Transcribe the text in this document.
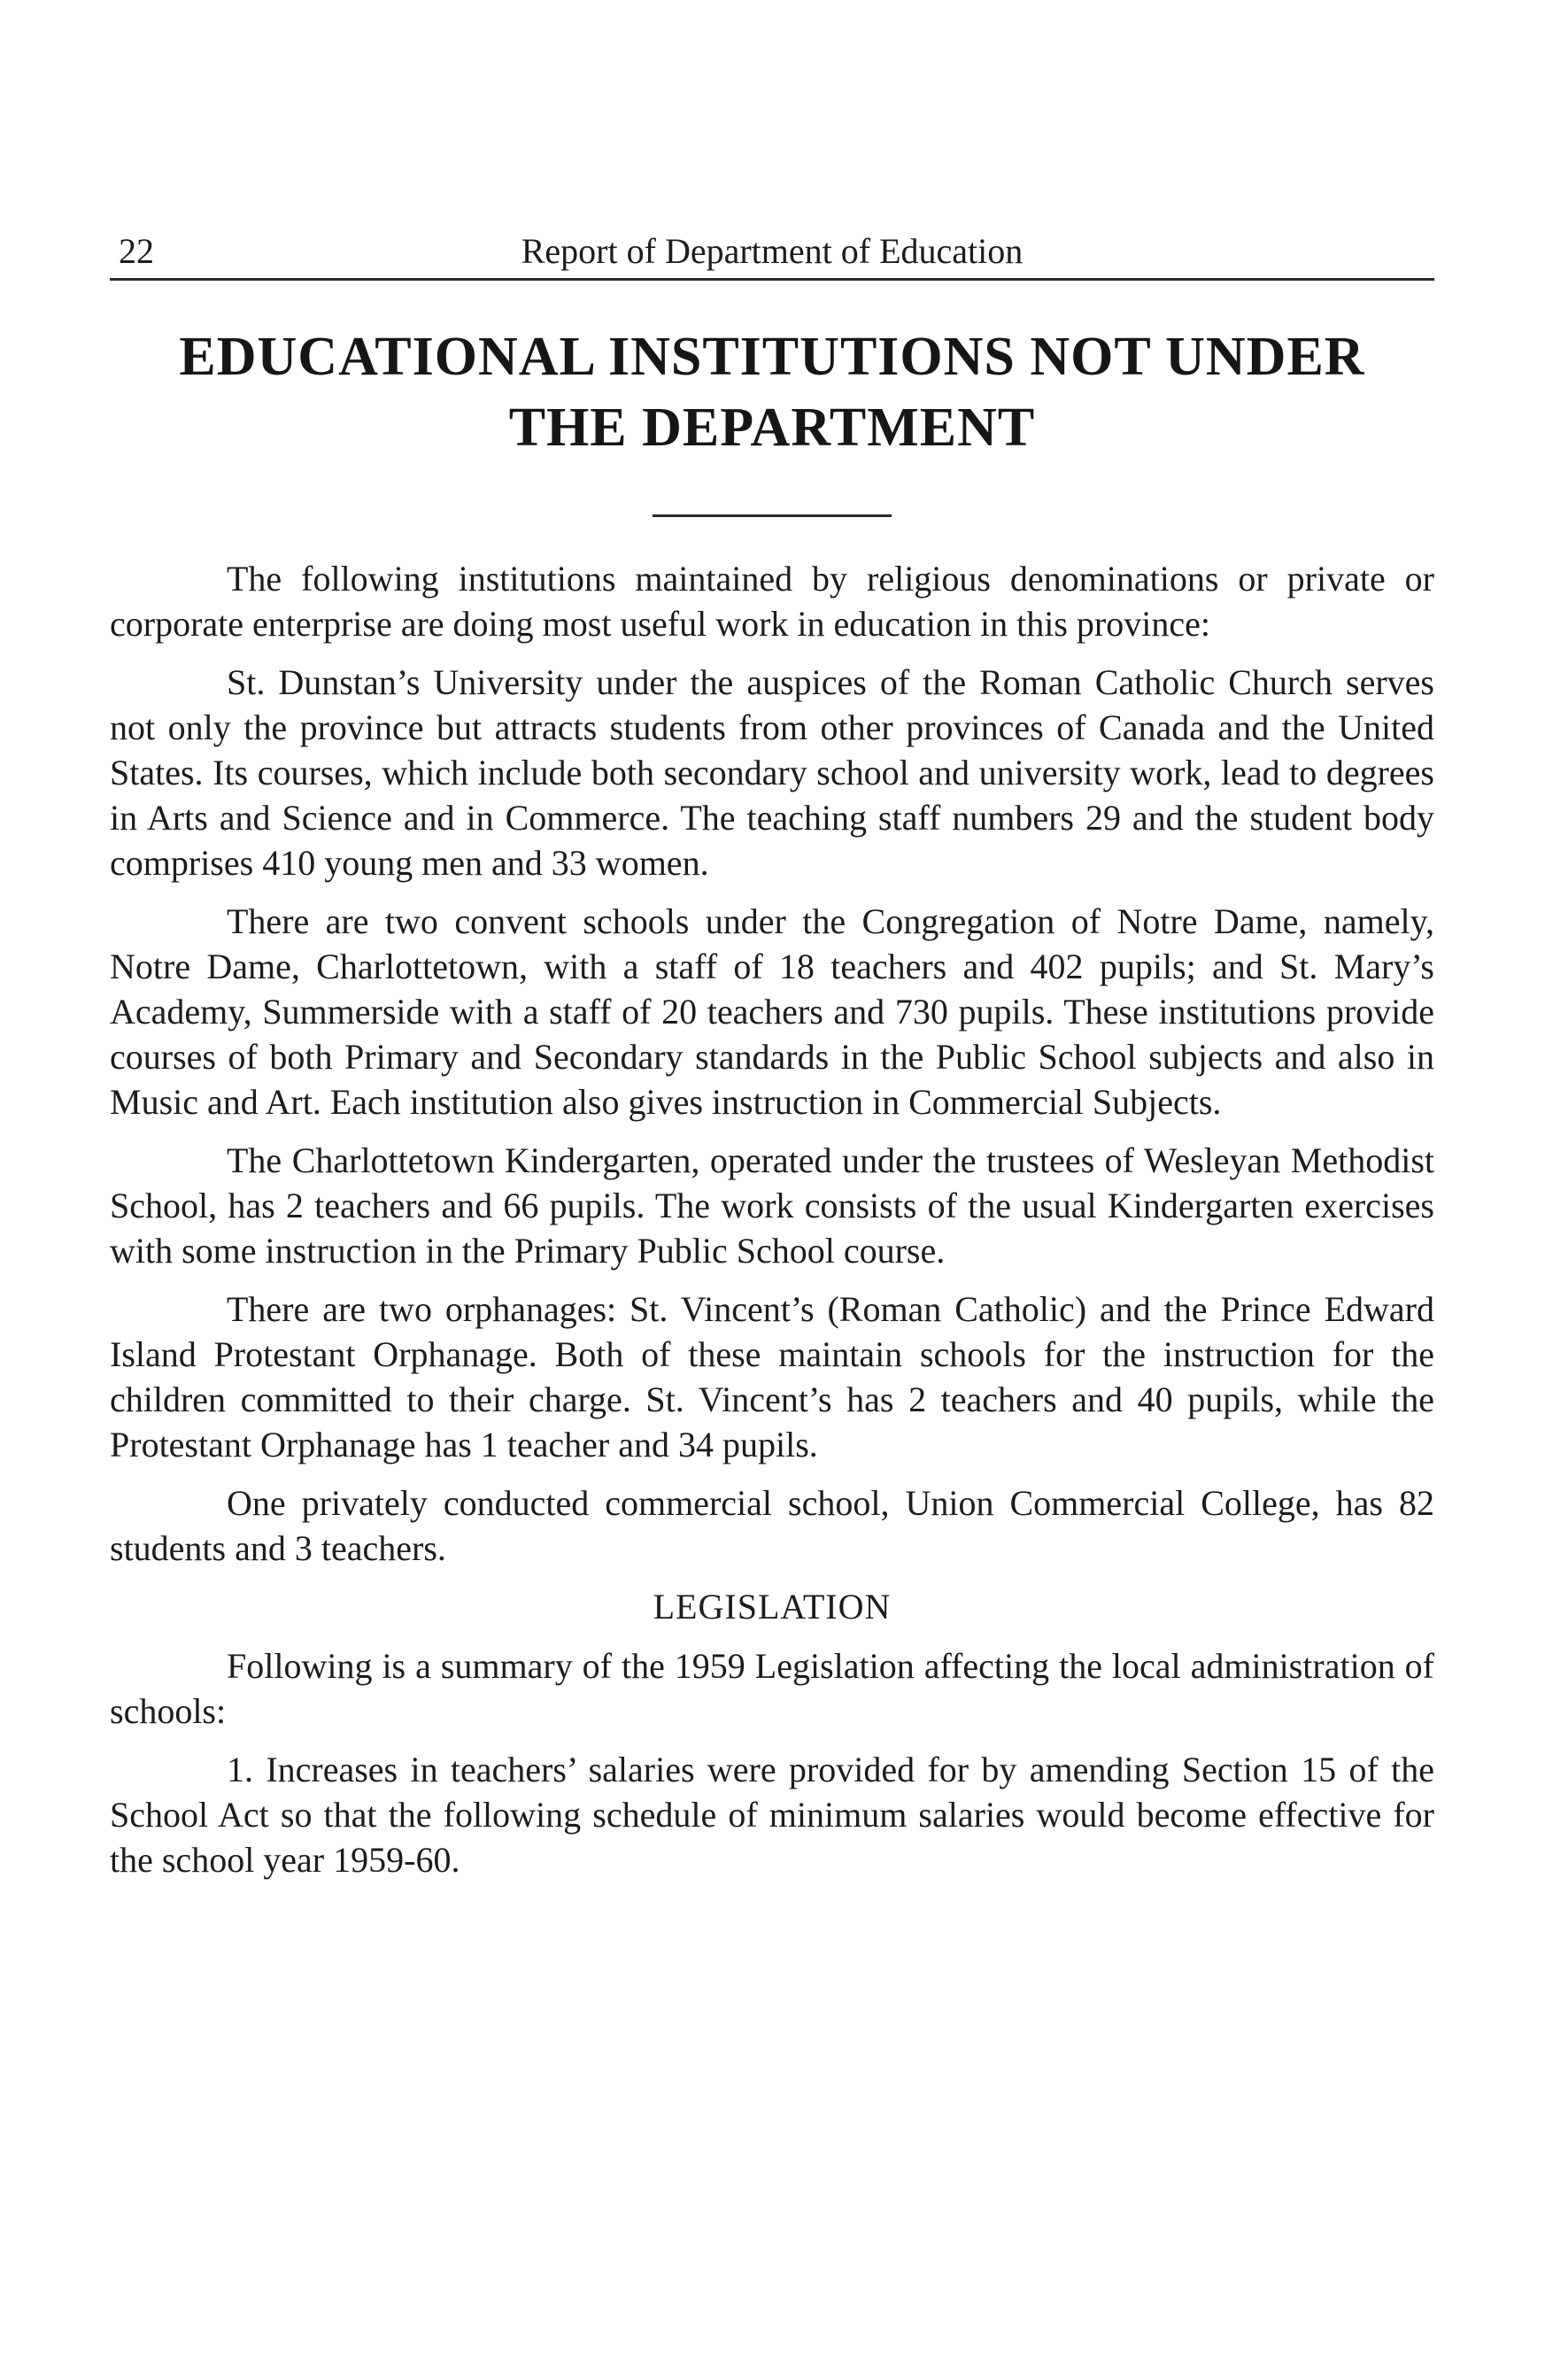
22	Report of Department of Education
EDUCATIONAL INSTITUTIONS NOT UNDER
THE DEPARTMENT

The following institutions maintained by religious denominations or private or corporate enterprise are doing most useful work in education in this province:

St. Dunstan’s University under the auspices of the Roman Catholic Church serves not only the province but attracts students from other provinces of Canada and the United States. Its courses, which include both secondary school and university work, lead to degrees in Arts and Science and in Commerce. The teaching staff numbers 29 and the student body comprises 410 young men and 33 women.

There are two convent schools under the Congregation of Notre Dame, namely, Notre Dame, Charlottetown, with a staff of 18 teachers and 402 pupils; and St. Mary’s Academy, Summerside with a staff of 20 teachers and 730 pupils. These institutions provide courses of both Primary and Secondary standards in the Public School subjects and also in Music and Art. Each institution also gives instruction in Commercial Subjects.

The Charlottetown Kindergarten, operated under the trustees of Wesleyan Methodist School, has 2 teachers and 66 pupils. The work consists of the usual Kindergarten exercises with some instruction in the Primary Public School course.

There are two orphanages: St. Vincent’s (Roman Catholic) and the Prince Edward Island Protestant Orphanage. Both of these maintain schools for the instruction for the children committed to their charge. St. Vincent’s has 2 teachers and 40 pupils, while the Protestant Orphanage has 1 teacher and 34 pupils.

One privately conducted commercial school, Union Commercial College, has 82 students and 3 teachers.

LEGISLATION

Following is a summary of the 1959 Legislation affecting the local administration of schools:

1. Increases in teachers’ salaries were provided for by amending Section 15 of the School Act so that the following schedule of minimum salaries would become effective for the school year 1959-60.
